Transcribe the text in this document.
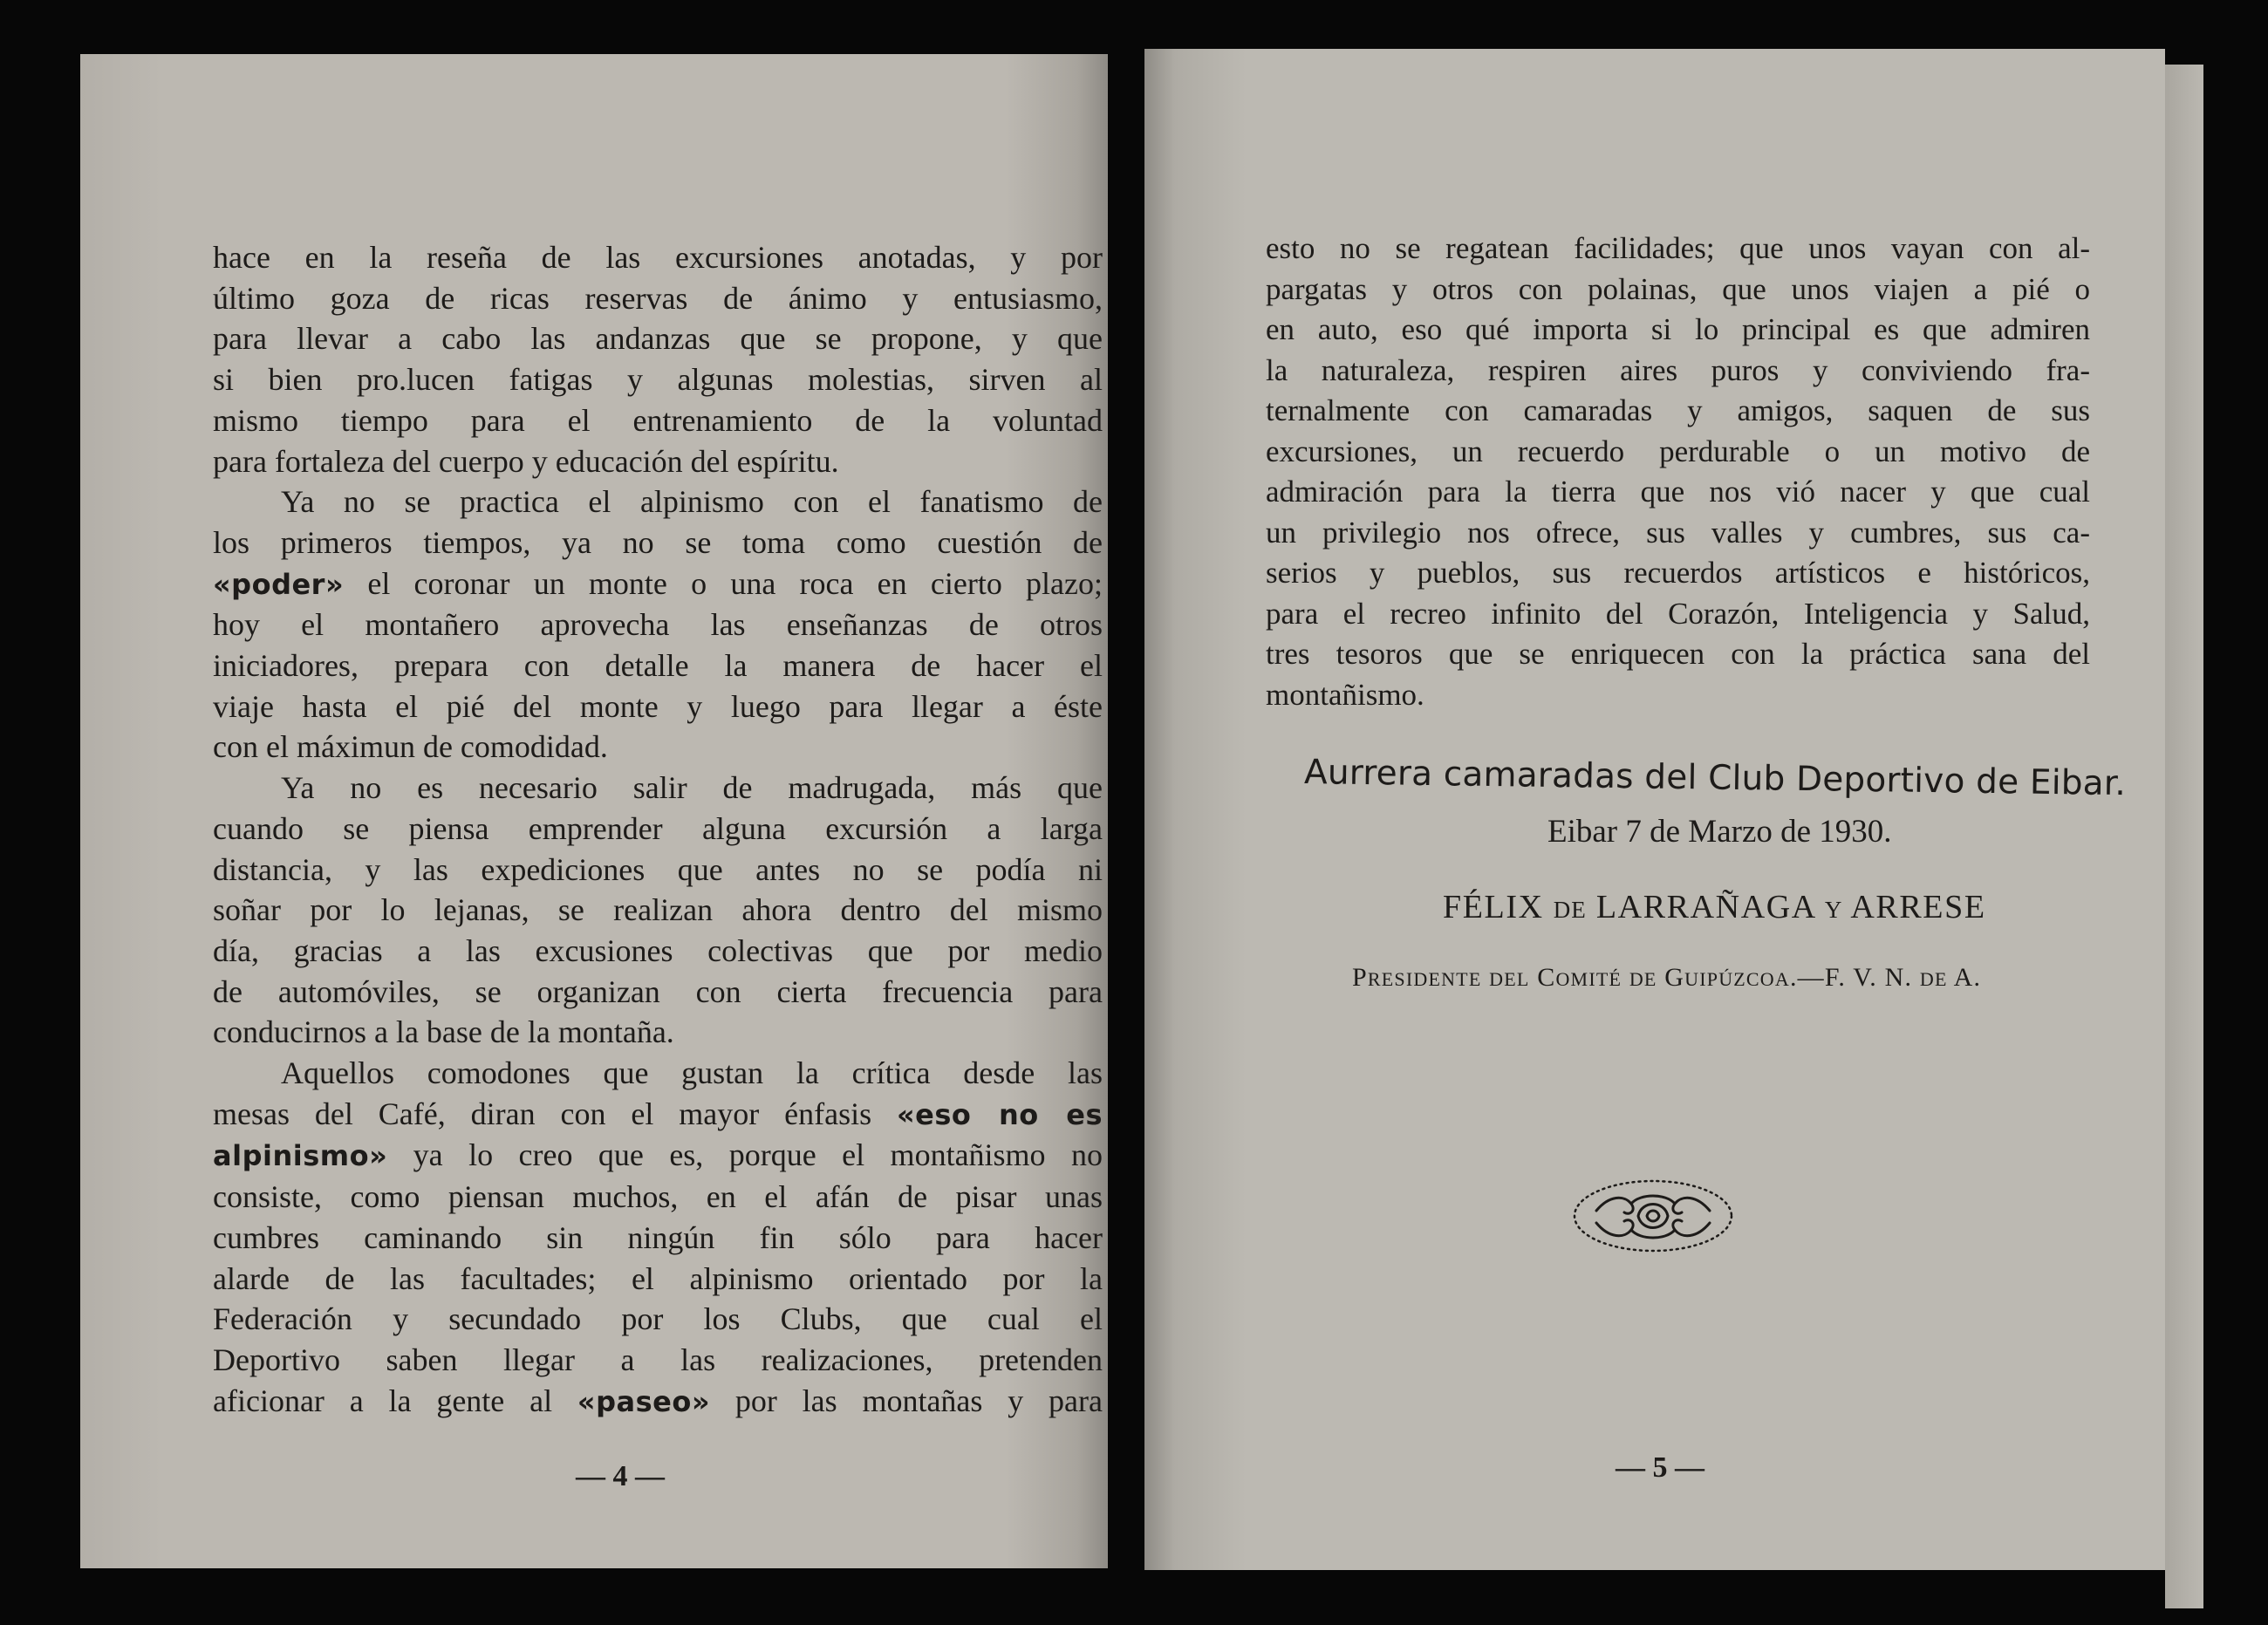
hace en la reseña de las excursiones anotadas, y por
último goza de ricas reservas de ánimo y entusiasmo,
para llevar a cabo las andanzas que se propone, y que
si bien pro.lucen fatigas y algunas molestias, sirven al
mismo tiempo para el entrenamiento de la voluntad
para fortaleza del cuerpo y educación del espíritu.
Ya no se practica el alpinismo con el fanatismo de
los primeros tiempos, ya no se toma como cuestión de
«poder» el coronar un monte o una roca en cierto plazo;
hoy el montañero aprovecha las enseñanzas de otros
iniciadores, prepara con detalle la manera de hacer el
viaje hasta el pié del monte y luego para llegar a éste
con el máximun de comodidad.
Ya no es necesario salir de madrugada, más que
cuando se piensa emprender alguna excursión a larga
distancia, y las expediciones que antes no se podía ni
soñar por lo lejanas, se realizan ahora dentro del mismo
día, gracias a las excusiones colectivas que por medio
de automóviles, se organizan con cierta frecuencia para
conducirnos a la base de la montaña.
Aquellos comodones que gustan la crítica desde las
mesas del Café, diran con el mayor énfasis «eso no es
alpinismo» ya lo creo que es, porque el montañismo no
consiste, como piensan muchos, en el afán de pisar unas
cumbres caminando sin ningún fin sólo para hacer
alarde de las facultades; el alpinismo orientado por la
Federación y secundado por los Clubs, que cual el
Deportivo saben llegar a las realizaciones, pretenden
aficionar a la gente al «paseo» por las montañas y para
— 4 —
esto no se regatean facilidades; que unos vayan con al-
pargatas y otros con polainas, que unos viajen a pié o
en auto, eso qué importa si lo principal es que admiren
la naturaleza, respiren aires puros y conviviendo fra-
ternalmente con camaradas y amigos, saquen de sus
excursiones, un recuerdo perdurable o un motivo de
admiración para la tierra que nos vió nacer y que cual
un privilegio nos ofrece, sus valles y cumbres, sus ca-
serios y pueblos, sus recuerdos artísticos e históricos,
para el recreo infinito del Corazón, Inteligencia y Salud,
tres tesoros que se enriquecen con la práctica sana del
montañismo.
Aurrera camaradas del Club Deportivo de Eibar.
Eibar 7 de Marzo de 1930.
FÉLIX DE LARRAÑAGA Y ARRESE
PRESIDENTE DEL COMITÉ DE GUIPÚZCOA.—F. V. N. DE A.
— 5 —
